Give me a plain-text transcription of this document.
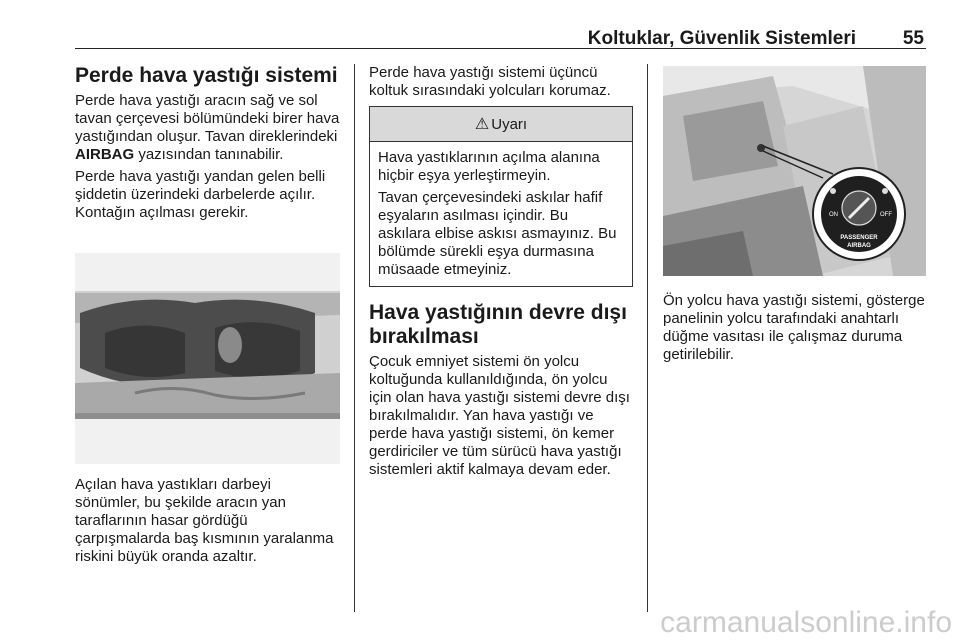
Koltuklar, Güvenlik Sistemleri 55
Perde hava yastığı sistemi

Perde hava yastığı aracın sağ ve sol tavan çerçevesi bölümündeki birer hava yastığından oluşur. Tavan direklerindeki AIRBAG yazısından tanınabilir.

Perde hava yastığı yandan gelen belli şiddetin üzerindeki darbelerde açılır. Kontağın açılması gerekir.

Açılan hava yastıkları darbeyi sönümler, bu şekilde aracın yan taraflarının hasar gördüğü çarpışmalarda baş kısmının yaralanma riskini büyük oranda azaltır.

Perde hava yastığı sistemi üçüncü koltuk sırasındaki yolcuları korumaz.

⚠ Uyarı

Hava yastıklarının açılma alanına hiçbir eşya yerleştirmeyin.

Tavan çerçevesindeki askılar hafif eşyaların asılması içindir. Bu askılara elbise askısı asmayınız. Bu bölümde sürekli eşya durmasına müsaade etmeyiniz.

Hava yastığının devre dışı bırakılması

Çocuk emniyet sistemi ön yolcu koltuğunda kullanıldığında, ön yolcu için olan hava yastığı sistemi devre dışı bırakılmalıdır. Yan hava yastığı ve perde hava yastığı sistemi, ön kemer gerdiriciler ve tüm sürücü hava yastığı sistemleri aktif kalmaya devam eder.

ON	OFF
PASSENGER
AIRBAG

Ön yolcu hava yastığı sistemi, gösterge panelinin yolcu tarafındaki anahtarlı düğme vasıtası ile çalışmaz duruma getirilebilir.

carmanualsonline.info
